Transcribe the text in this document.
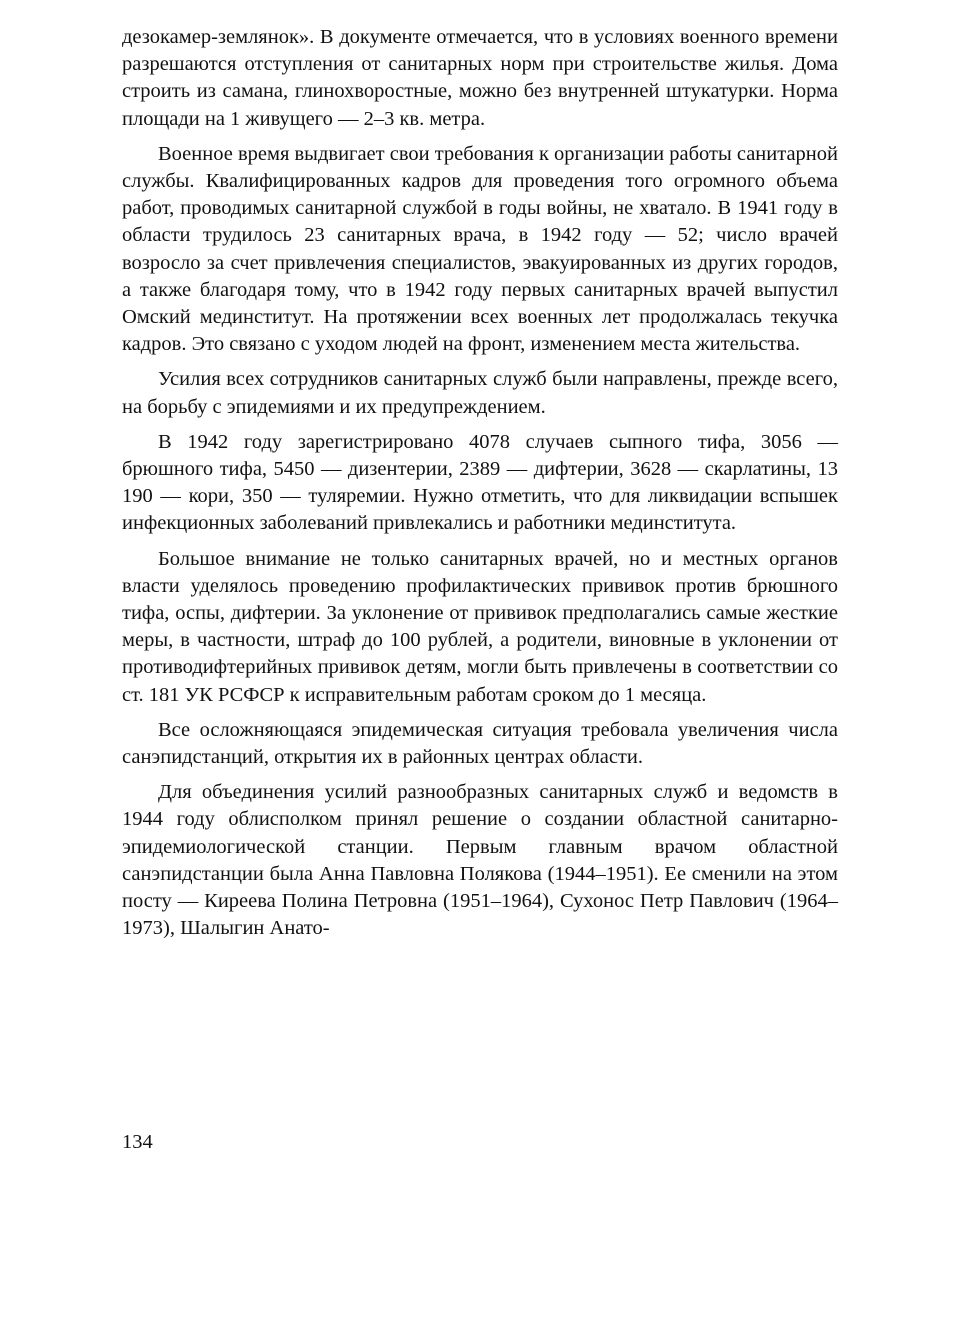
дезокамер-землянок». В документе отмечается, что в условиях военного времени разрешаются отступления от санитарных норм при строительстве жилья. Дома строить из самана, глинохворостные, можно без внутренней штукатурки. Норма площади на 1 живущего — 2–3 кв. метра.

Военное время выдвигает свои требования к организации работы санитарной службы. Квалифицированных кадров для проведения того огромного объема работ, проводимых санитарной службой в годы войны, не хватало. В 1941 году в области трудилось 23 санитарных врача, в 1942 году — 52; число врачей возросло за счет привлечения специалистов, эвакуированных из других городов, а также благодаря тому, что в 1942 году первых санитарных врачей выпустил Омский мединститут. На протяжении всех военных лет продолжалась текучка кадров. Это связано с уходом людей на фронт, изменением места жительства.

Усилия всех сотрудников санитарных служб были направлены, прежде всего, на борьбу с эпидемиями и их предупреждением.

В 1942 году зарегистрировано 4078 случаев сыпного тифа, 3056 — брюшного тифа, 5450 — дизентерии, 2389 — дифтерии, 3628 — скарлатины, 13 190 — кори, 350 — туляремии. Нужно отметить, что для ликвидации вспышек инфекционных заболеваний привлекались и работники мединститута.

Большое внимание не только санитарных врачей, но и местных органов власти уделялось проведению профилактических прививок против брюшного тифа, оспы, дифтерии. За уклонение от прививок предполагались самые жесткие меры, в частности, штраф до 100 рублей, а родители, виновные в уклонении от противодифтерийных прививок детям, могли быть привлечены в соответствии со ст. 181 УК РСФСР к исправительным работам сроком до 1 месяца.

Все осложняющаяся эпидемическая ситуация требовала увеличения числа санэпидстанций, открытия их в районных центрах области.

Для объединения усилий разнообразных санитарных служб и ведомств в 1944 году облисполком принял решение о создании областной санитарно-эпидемиологической станции. Первым главным врачом областной санэпидстанции была Анна Павловна Полякова (1944–1951). Ее сменили на этом посту — Киреева Полина Петровна (1951–1964), Сухонос Петр Павлович (1964–1973), Шалыгин Анато-

134
